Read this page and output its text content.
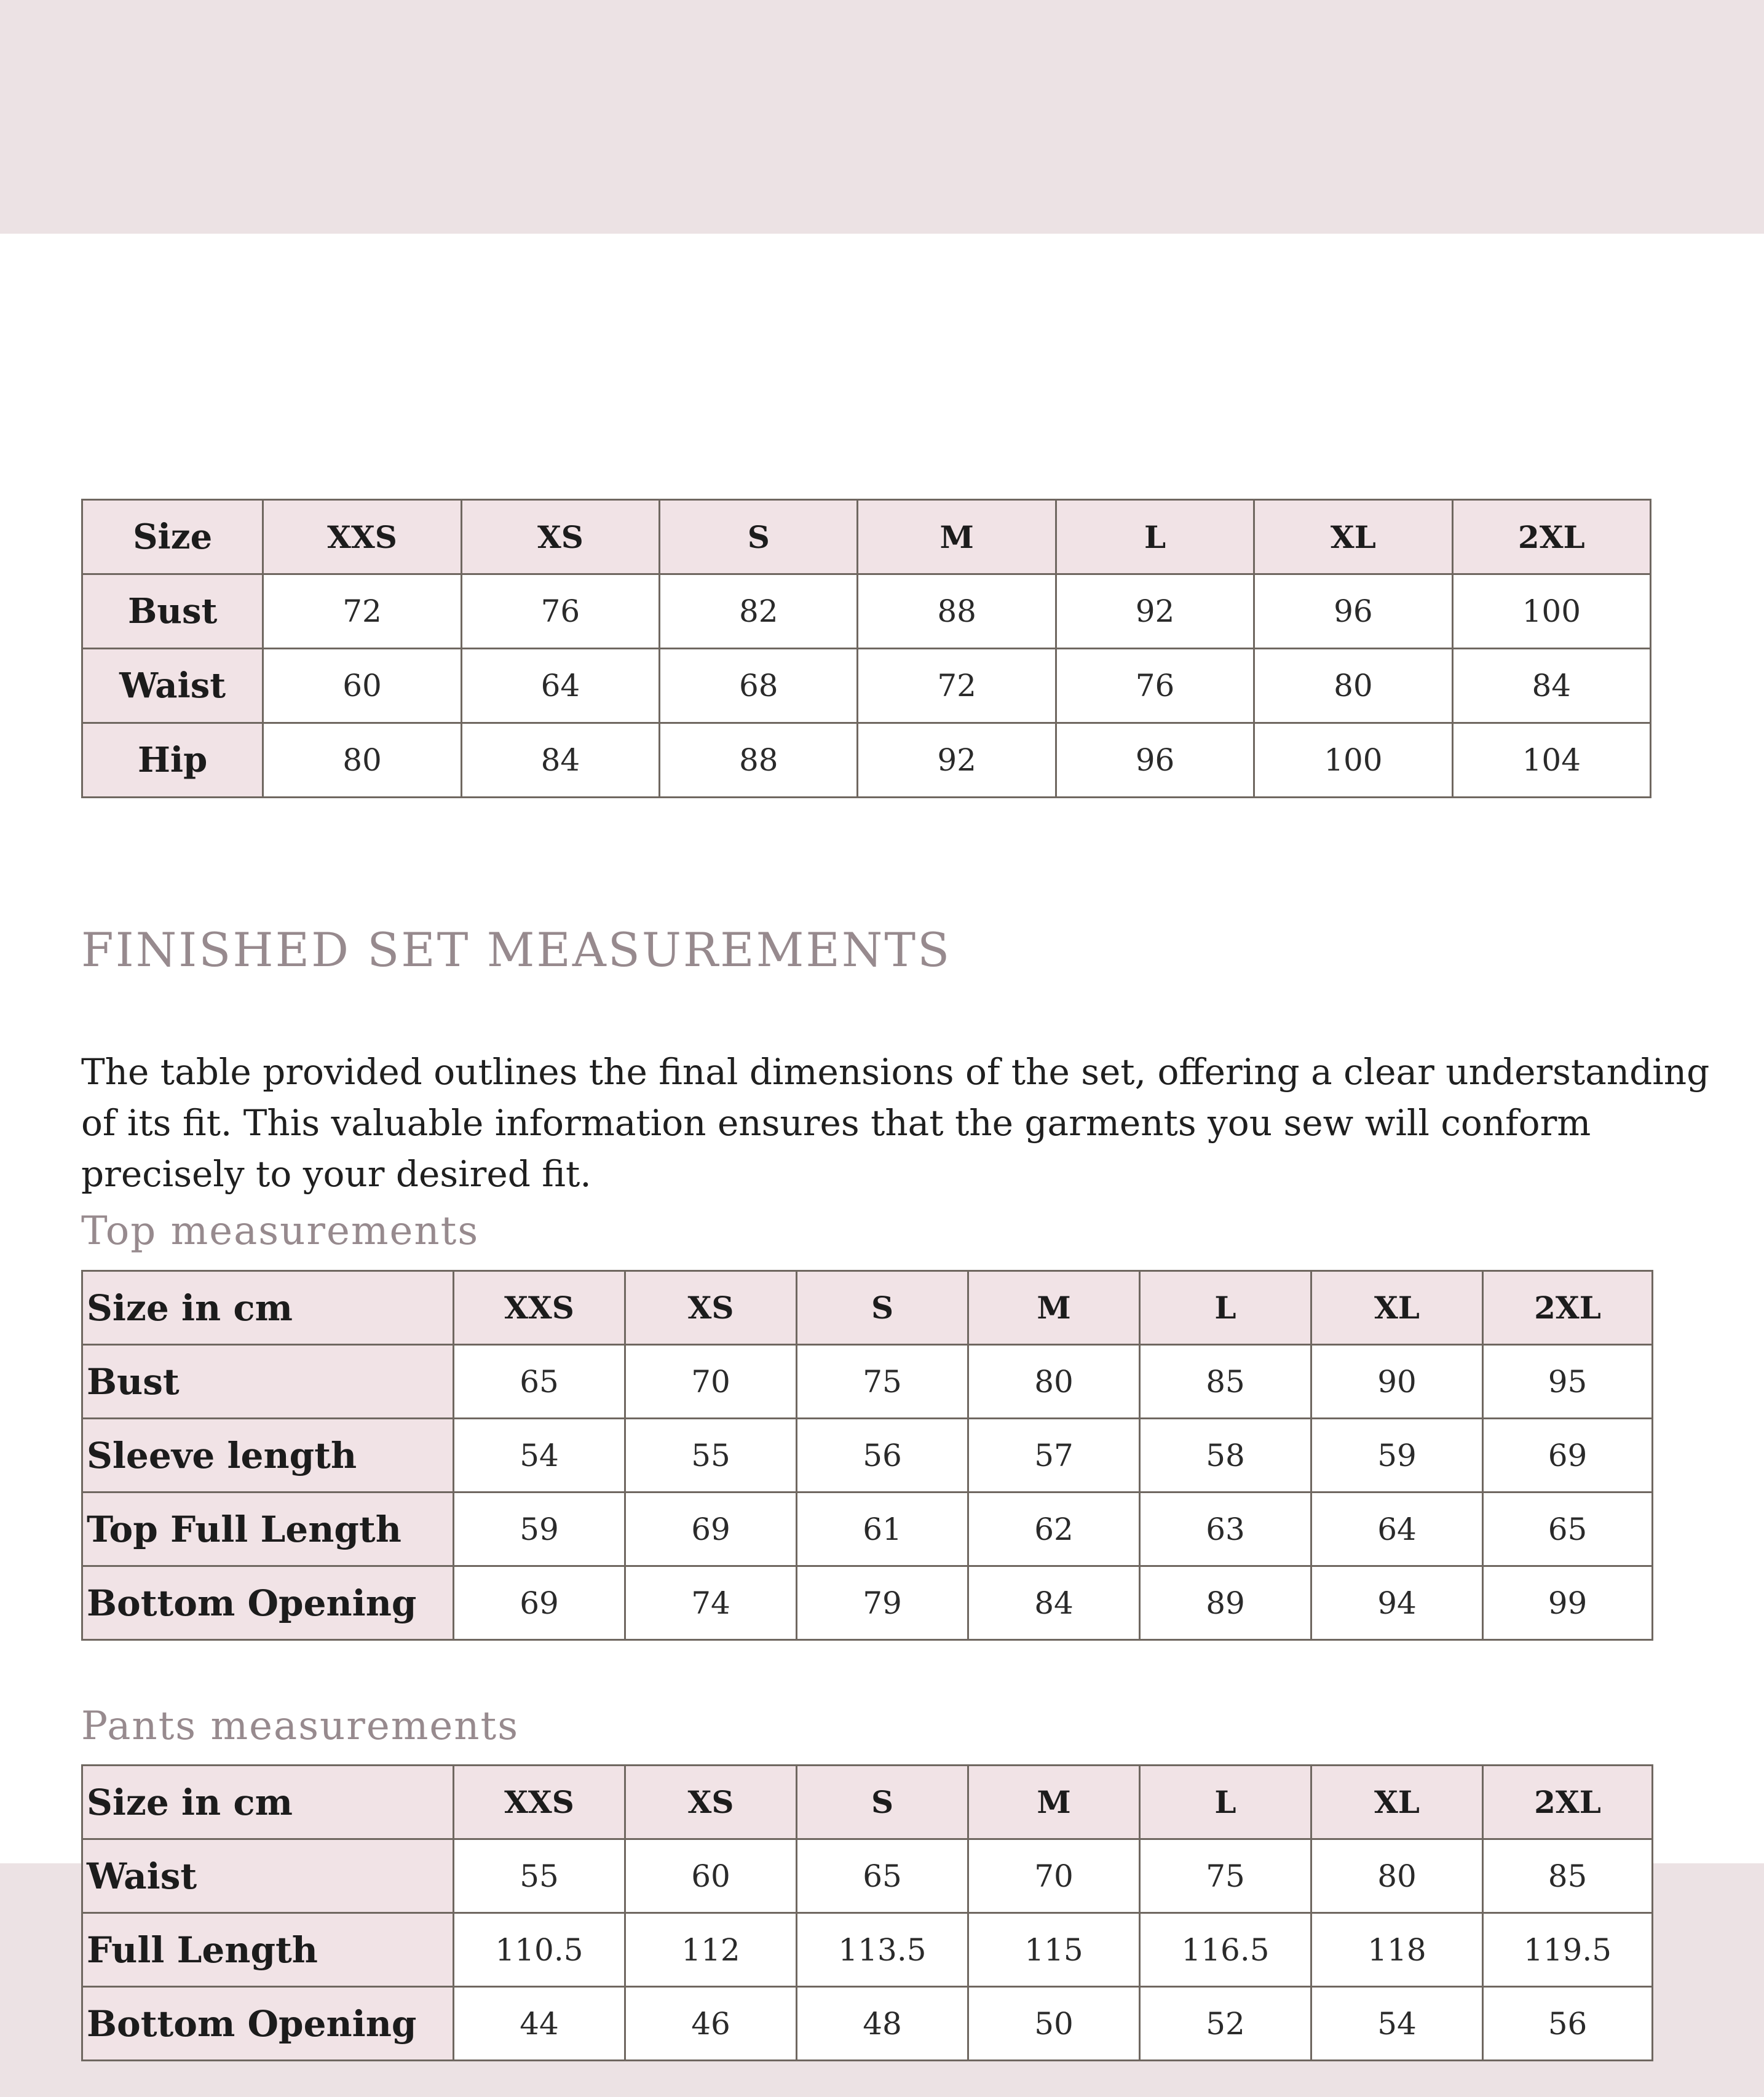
Size	XXS	XS	S	M	L	XL	2XL
Bust	72	76	82	88	92	96	100
Waist	60	64	68	72	76	80	84
Hip	80	84	88	92	96	100	104
FINISHED SET MEASUREMENTS

The table provided outlines the final dimensions of the set, offering a clear understanding of its fit. This valuable information ensures that the garments you sew will conform precisely to your desired fit.

Top measurements
Size in cm	XXS	XS	S	M	L	XL	2XL
Bust	65	70	75	80	85	90	95
Sleeve length	54	55	56	57	58	59	69
Top Full Length	59	69	61	62	63	64	65
Bottom Opening	69	74	79	84	89	94	99
Pants measurements
Size in cm	XXS	XS	S	M	L	XL	2XL
Waist	55	60	65	70	75	80	85
Full Length	110.5	112	113.5	115	116.5	118	119.5
Bottom Opening	44	46	48	50	52	54	56
